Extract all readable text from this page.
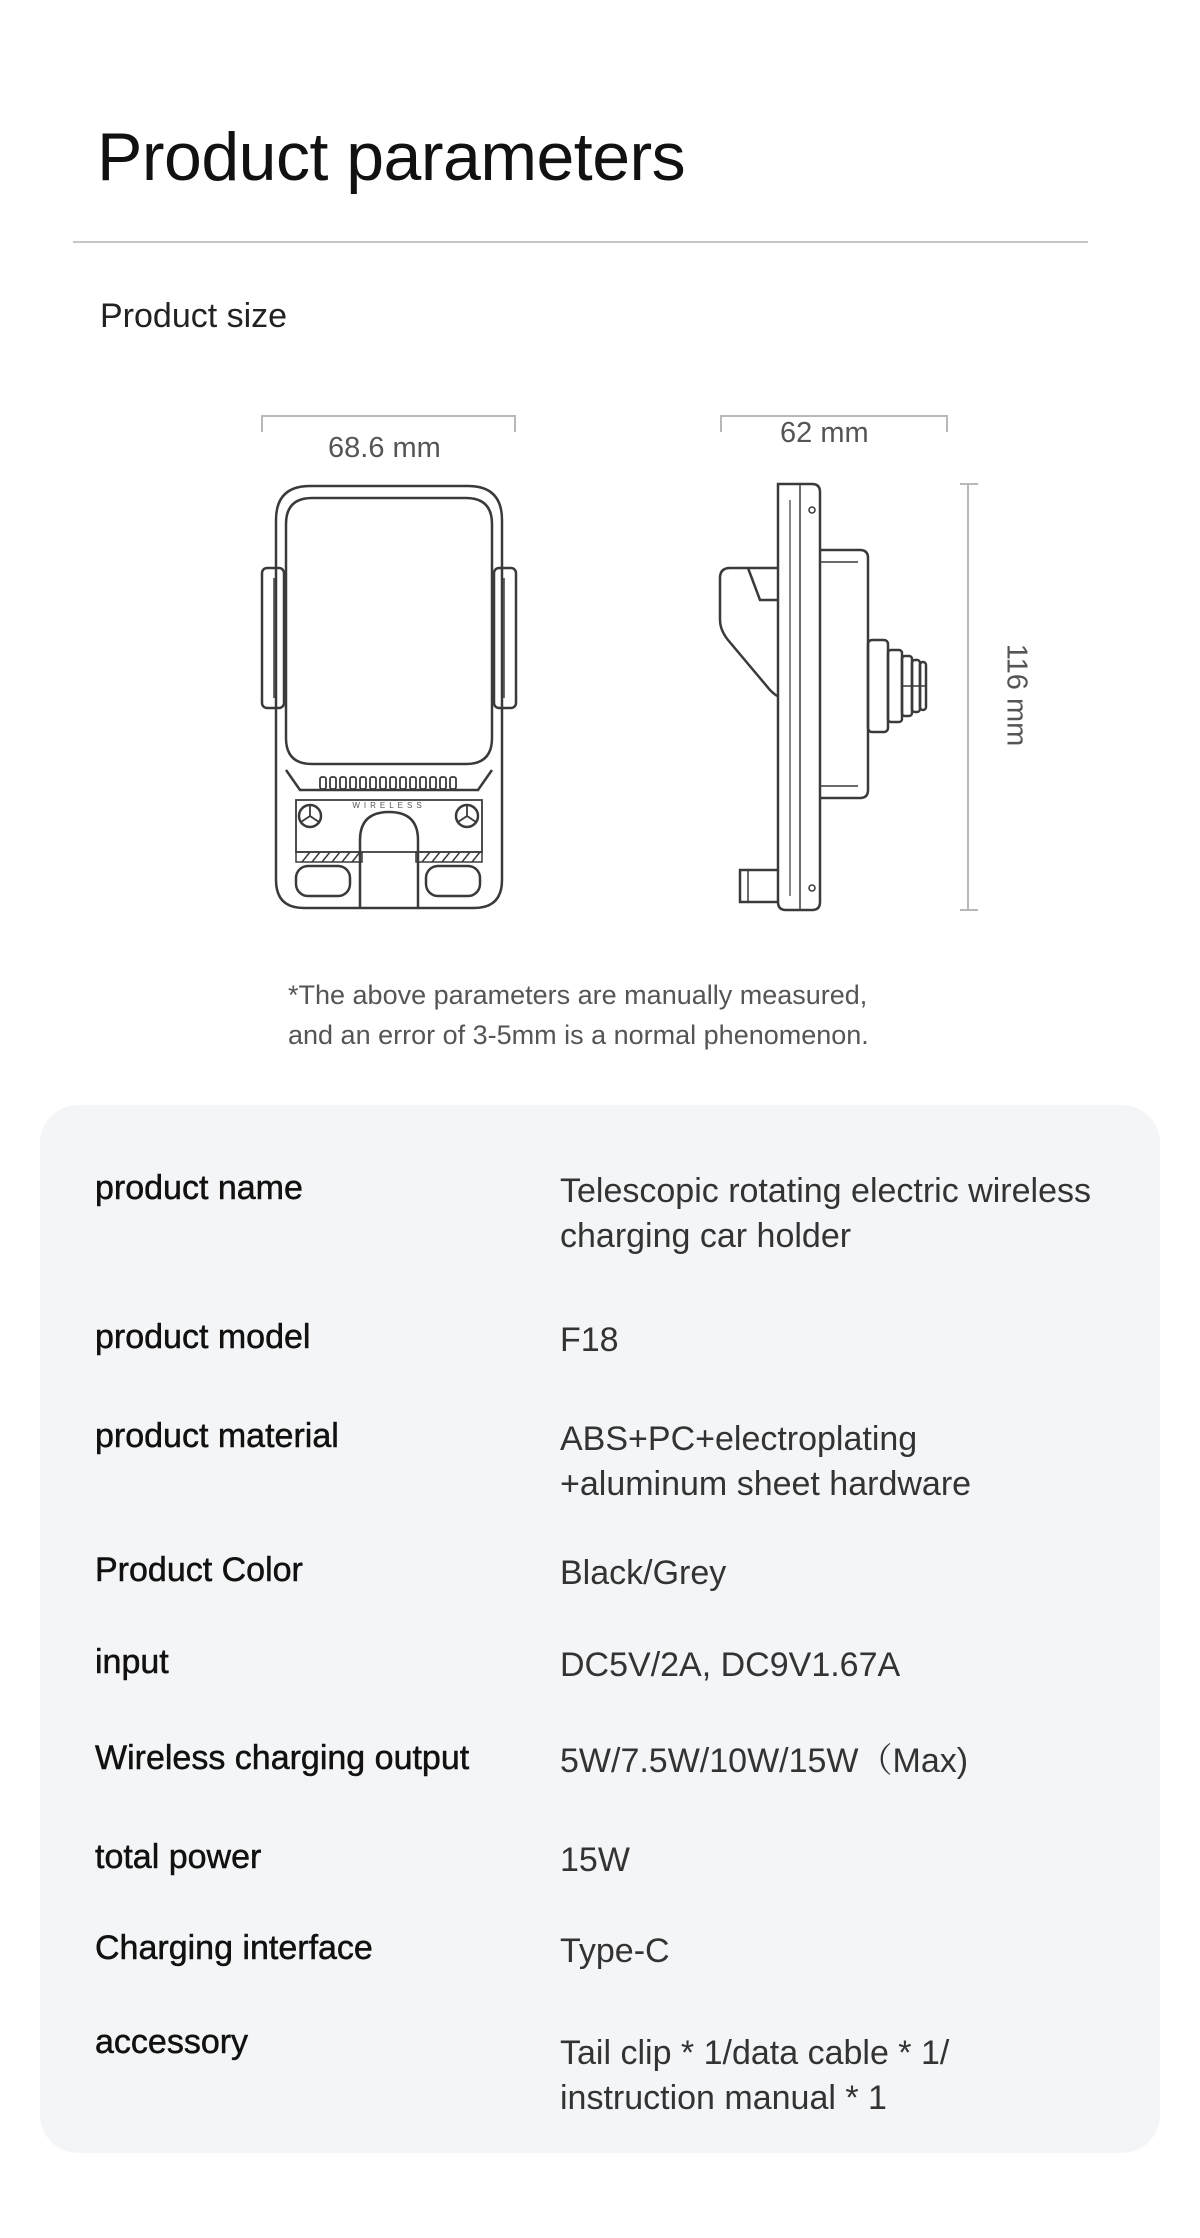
Product parameters
Product size
68.6 mm	62 mm
116 mm
WIRELESS
*The above parameters are manually measured,
and an error of 3-5mm is a normal phenomenon.
product name	Telescopic rotating electric wireless
charging car holder
product model	F18
product material	ABS+PC+electroplating
+aluminum sheet hardware
Product Color	Black/Grey
input	DC5V/2A, DC9V1.67A
Wireless charging output	5W/7.5W/10W/15W（Max)
total power	15W
Charging interface	Type-C
accessory	Tail clip * 1/data cable * 1/
instruction manual * 1
